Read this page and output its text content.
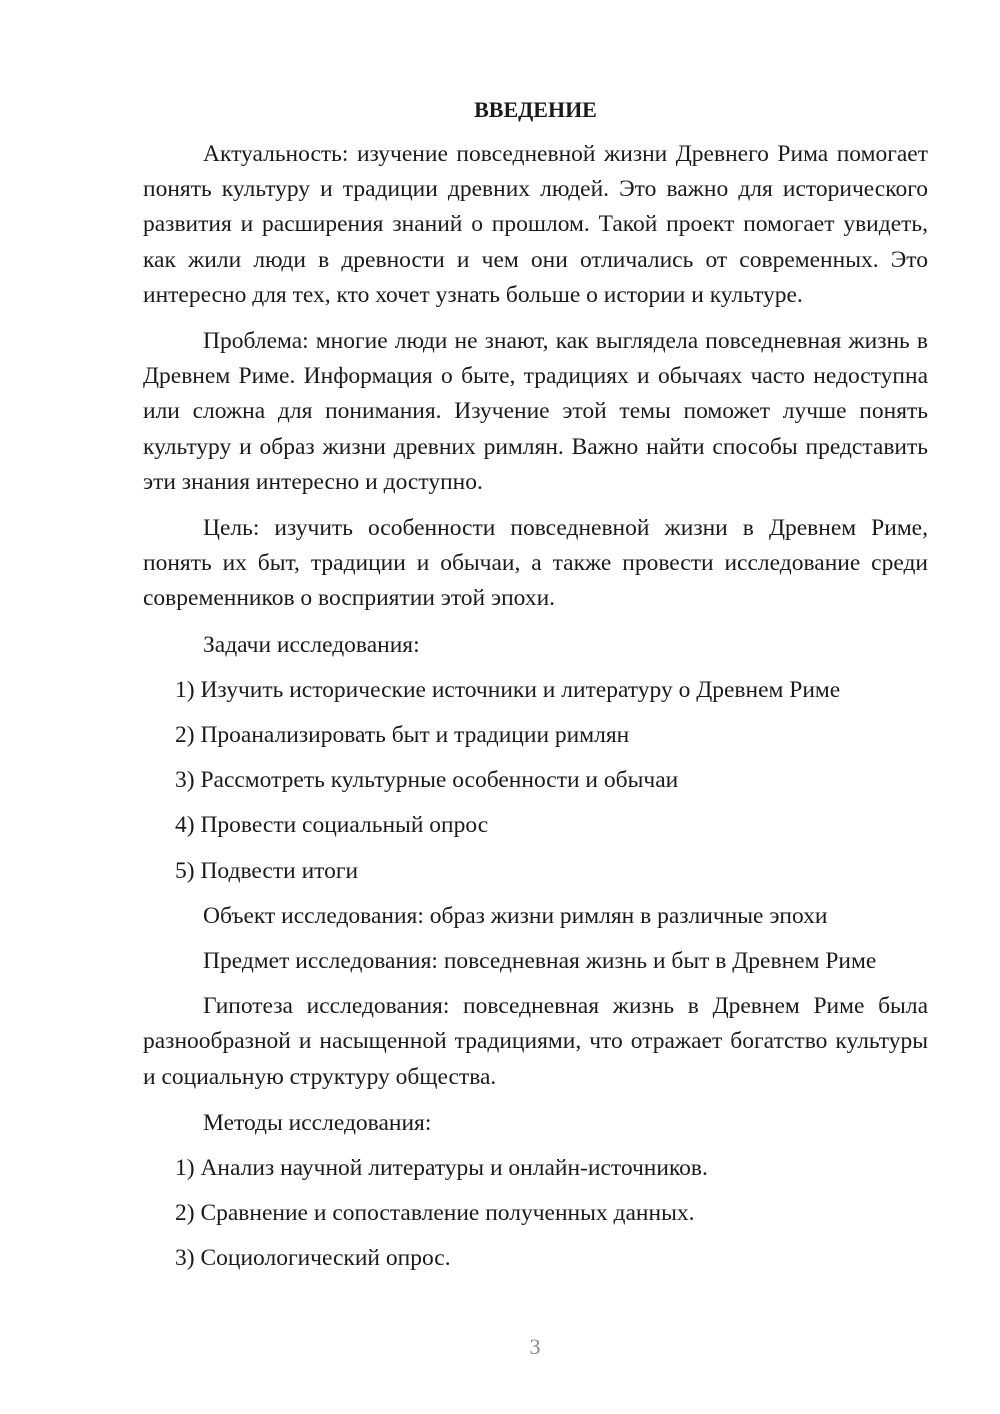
ВВЕДЕНИЕ

Актуальность: изучение повседневной жизни Древнего Рима помогает понять культуру и традиции древних людей. Это важно для исторического развития и расширения знаний о прошлом. Такой проект помогает увидеть, как жили люди в древности и чем они отличались от современных. Это интересно для тех, кто хочет узнать больше о истории и культуре.

Проблема: многие люди не знают, как выглядела повседневная жизнь в Древнем Риме. Информация о быте, традициях и обычаях часто недоступна или сложна для понимания. Изучение этой темы поможет лучше понять культуру и образ жизни древних римлян. Важно найти способы представить эти знания интересно и доступно.

Цель: изучить особенности повседневной жизни в Древнем Риме, понять их быт, традиции и обычаи, а также провести исследование среди современников о восприятии этой эпохи.

Задачи исследования:
1) Изучить исторические источники и литературу о Древнем Риме
2) Проанализировать быт и традиции римлян
3) Рассмотреть культурные особенности и обычаи
4) Провести социальный опрос
5) Подвести итоги
Объект исследования: образ жизни римлян в различные эпохи
Предмет исследования: повседневная жизнь и быт в Древнем Риме

Гипотеза исследования: повседневная жизнь в Древнем Риме была разнообразной и насыщенной традициями, что отражает богатство культуры и социальную структуру общества.

Методы исследования:
1) Анализ научной литературы и онлайн-источников.
2) Сравнение и сопоставление полученных данных.
3) Социологический опрос.
3
